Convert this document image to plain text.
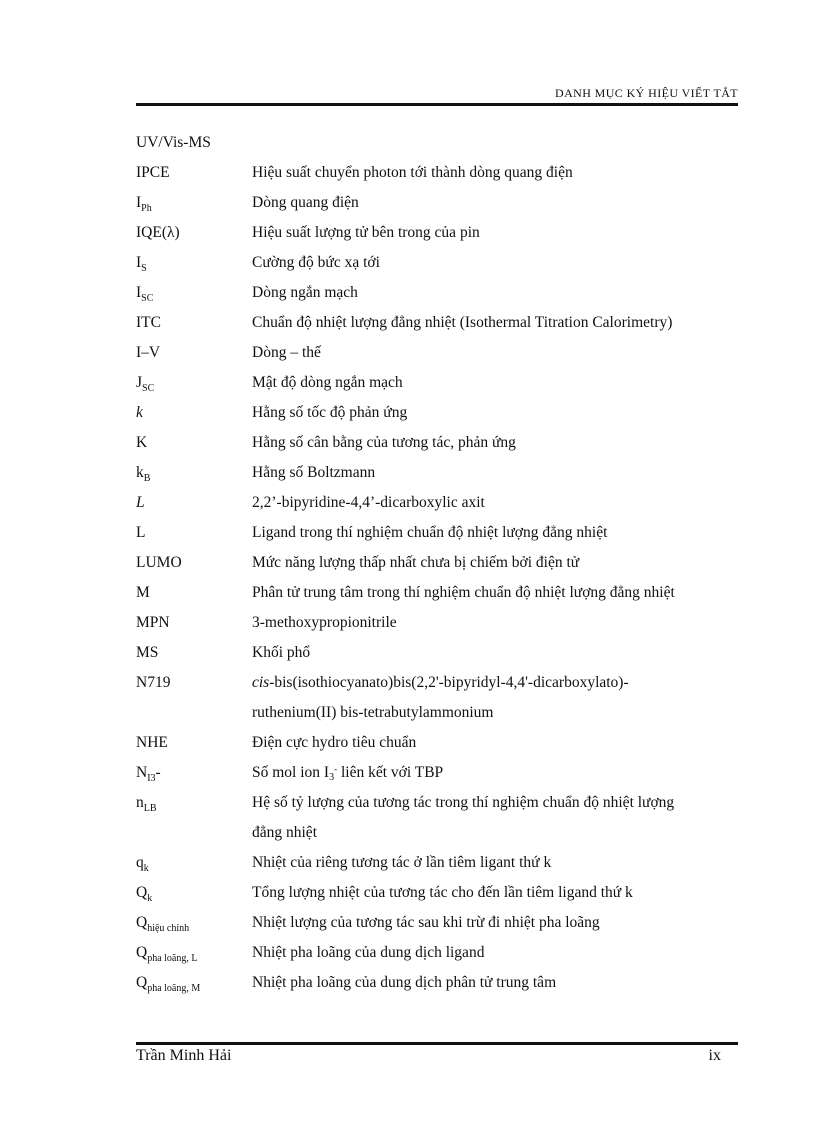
DANH MỤC KÝ HIỆU VIẾT TẮT
UV/Vis-MS
IPCE	Hiệu suất chuyển photon tới thành dòng quang điện
$I_{Ph}$	Dòng quang điện
IQE(λ)	Hiệu suất lượng tử bên trong của pin
$I_S$	Cường độ bức xạ tới
$I_{SC}$	Dòng ngắn mạch
ITC	Chuẩn độ nhiệt lượng đẳng nhiệt (Isothermal Titration Calorimetry)
I–V	Dòng – thế
$J_{SC}$	Mật độ dòng ngắn mạch
k	Hằng số tốc độ phản ứng
K	Hằng số cân bằng của tương tác, phản ứng
$k_B$	Hằng số Boltzmann
L	2,2’-bipyridine-4,4’-dicarboxylic axit
L	Ligand trong thí nghiệm chuẩn độ nhiệt lượng đẳng nhiệt
LUMO	Mức năng lượng thấp nhất chưa bị chiếm bởi điện tử
M	Phân tử trung tâm trong thí nghiệm chuẩn độ nhiệt lượng đẳng nhiệt
MPN	3-methoxypropionitrile
MS	Khối phổ
N719	cis-bis(isothiocyanato)bis(2,2'-bipyridyl-4,4'-dicarboxylato)-
ruthenium(II) bis-tetrabutylammonium
NHE	Điện cực hydro tiêu chuẩn
$N_{I3}-$	Số mol ion $I_3^-$ liên kết với TBP
$n_{LB}$	Hệ số tỷ lượng của tương tác trong thí nghiệm chuẩn độ nhiệt lượng
đẳng nhiệt
$q_k$	Nhiệt của riêng tương tác ở lần tiêm ligant thứ k
$Q_k$	Tổng lượng nhiệt của tương tác cho đến lần tiêm ligand thứ k
$Q_{hiệu chỉnh}$	Nhiệt lượng của tương tác sau khi trừ đi nhiệt pha loãng
$Q_{pha loãng, L}$	Nhiệt pha loãng của dung dịch ligand
$Q_{pha loãng, M}$	Nhiệt pha loãng của dung dịch phân tử trung tâm
Trần Minh Hải	ix
